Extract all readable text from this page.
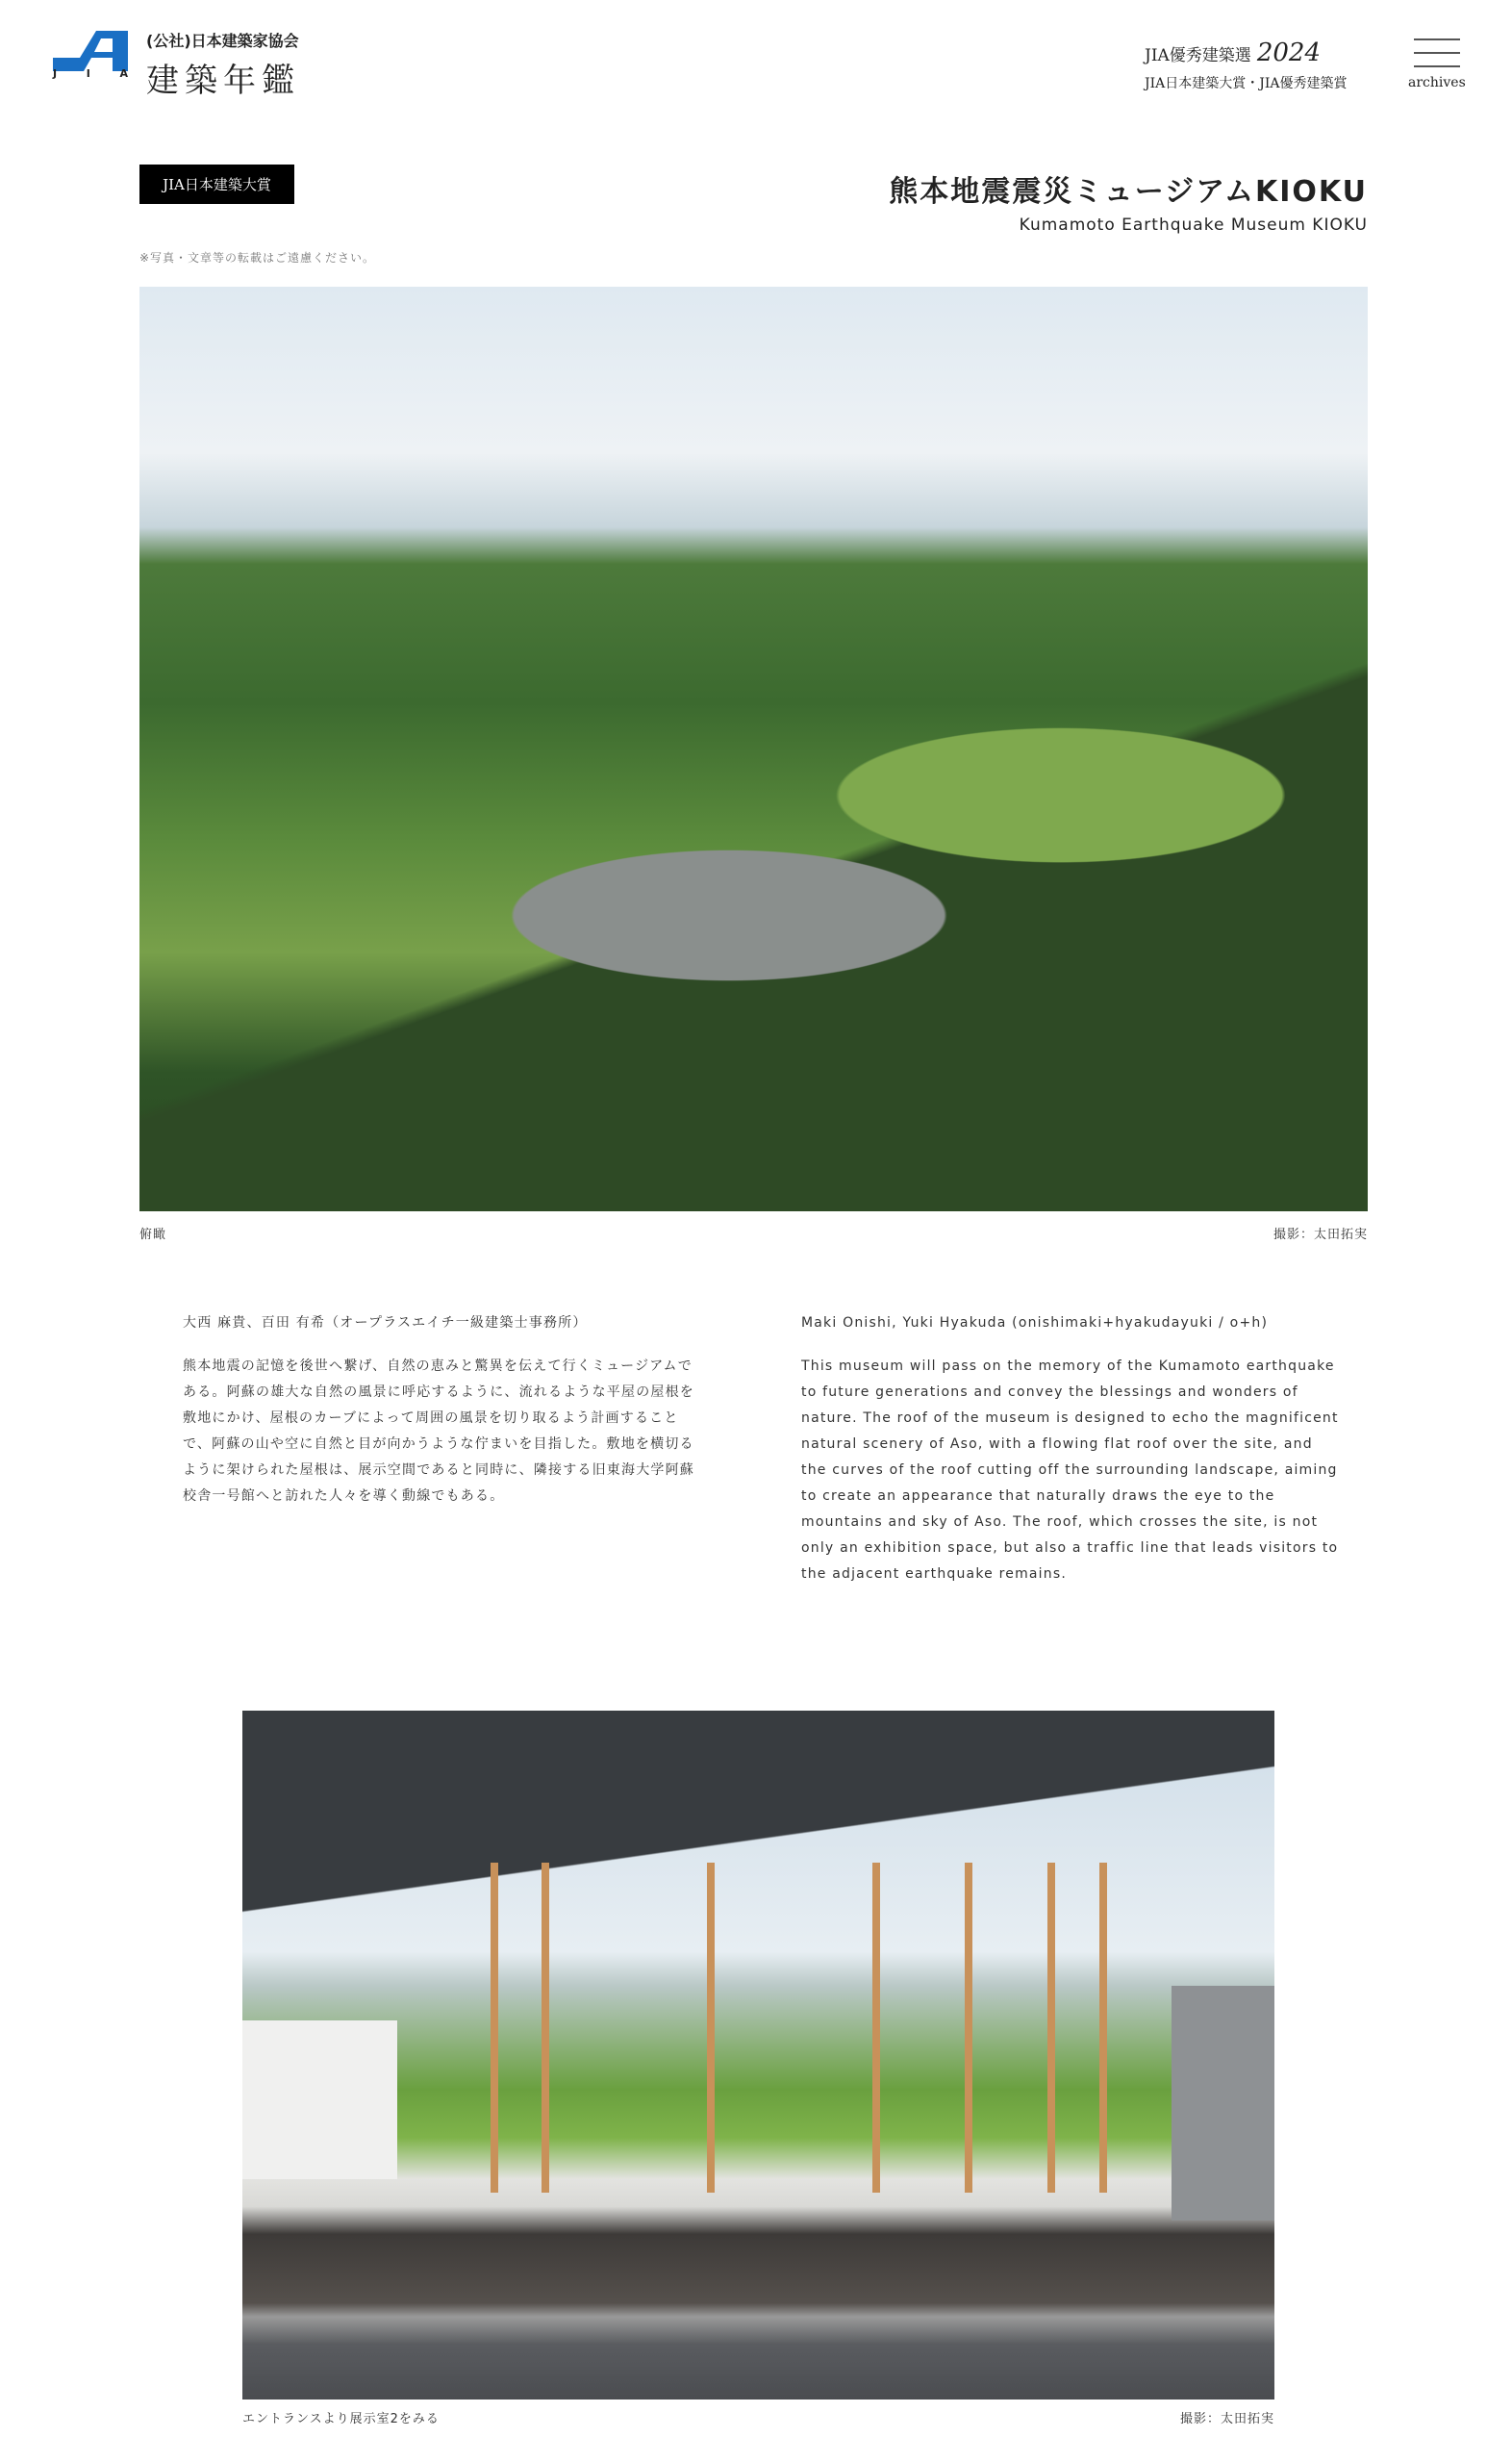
J	I	A
(公社)日本建築家協会
建築年鑑
JIA優秀建築選 2024
JIA日本建築大賞・JIA優秀建築賞	archives
JIA日本建築大賞	熊本地震震災ミュージアムKIOKU
Kumamoto Earthquake Museum KIOKU
※写真・文章等の転載はご遠慮ください。
俯瞰	撮影：太田拓実

大西 麻貴、百田 有希（オープラスエイチ一級建築士事務所）

熊本地震の記憶を後世へ繋げ、自然の恵みと驚異を伝えて行くミュージアムである。阿蘇の雄大な自然の風景に呼応するように、流れるような平屋の屋根を敷地にかけ、屋根のカーブによって周囲の風景を切り取るよう計画することで、阿蘇の山や空に自然と目が向かうような佇まいを目指した。敷地を横切るように架けられた屋根は、展示空間であると同時に、隣接する旧東海大学阿蘇校舎一号館へと訪れた人々を導く動線でもある。

Maki Onishi, Yuki Hyakuda (onishimaki+hyakudayuki / o+h)

This museum will pass on the memory of the Kumamoto earthquake to future generations and convey the blessings and wonders of nature. The roof of the museum is designed to echo the magnificent natural scenery of Aso, with a flowing flat roof over the site, and the curves of the roof cutting off the surrounding landscape, aiming to create an appearance that naturally draws the eye to the mountains and sky of Aso. The roof, which crosses the site, is not only an exhibition space, but also a traffic line that leads visitors to the adjacent earthquake remains.

エントランスより展示室2をみる	撮影：太田拓実
